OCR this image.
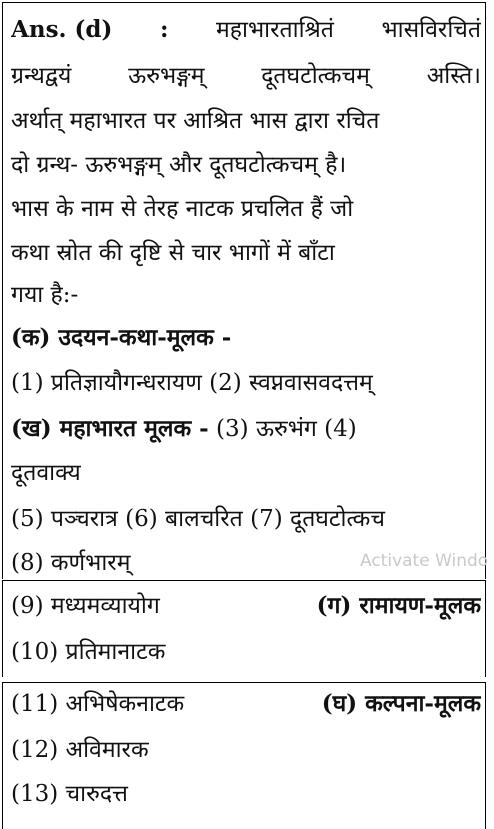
Ans. (d) : महाभारताश्रितं भासविरचितं
ग्रन्थद्वयं ऊरुभङ्गम् दूतघटोत्कचम् अस्ति।
अर्थात् महाभारत पर आश्रित भास द्वारा रचित
दो ग्रन्थ- ऊरुभङ्गम् और दूतघटोत्कचम् है।
भास के नाम से तेरह नाटक प्रचलित हैं जो
कथा स्रोत की दृष्टि से चार भागों में बाँटा
गया है:-
(क) उदयन-कथा-मूलक -
(1) प्रतिज्ञायौगन्धरायण (2) स्वप्नवासवदत्तम्
(ख) महाभारत मूलक - (3) ऊरुभंग (4)
दूतवाक्य
(5) पञ्चरात्र (6) बालचरित (7) दूतघटोत्कच
(8) कर्णभारम्	Activate Windo
(9) मध्यमव्यायोग	(ग) रामायण-मूलक
(10) प्रतिमानाटक
(11) अभिषेकनाटक	(घ) कल्पना-मूलक
(12) अविमारक
(13) चारुदत्त
